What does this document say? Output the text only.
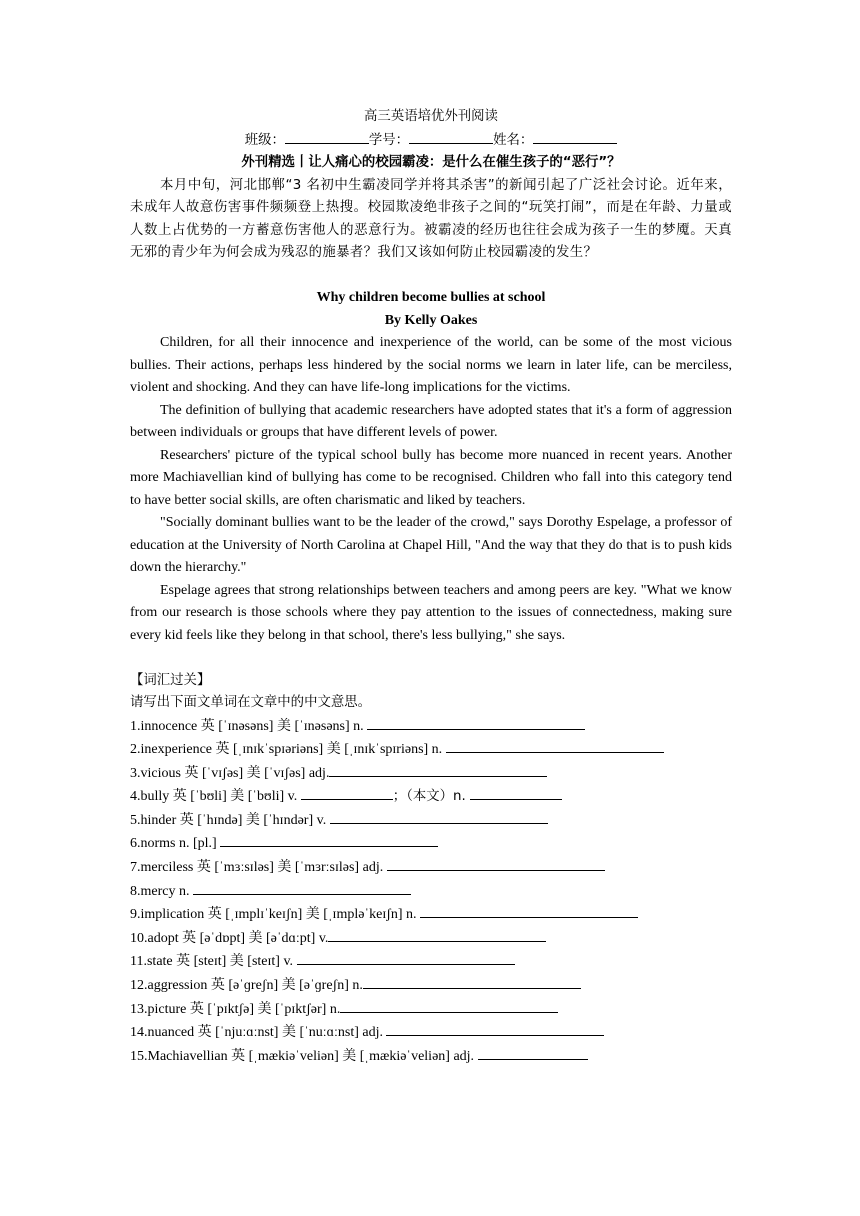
高三英语培优外刊阅读
班级：	学号：	姓名：
外刊精选丨让人痛心的校园霸凌：是什么在催生孩子的“恶行”？

本月中旬，河北邯郸“3 名初中生霸凌同学并将其杀害”的新闻引起了广泛社会讨论。近年来，未成年人故意伤害事件频频登上热搜。校园欺凌绝非孩子之间的“玩笑打闹”，而是在年龄、力量或人数上占优势的一方蓄意伤害他人的恶意行为。被霸凌的经历也往往会成为孩子一生的梦魇。天真无邪的青少年为何会成为残忍的施暴者？我们又该如何防止校园霸凌的发生？

Why children become bullies at school
By Kelly Oakes

Children, for all their innocence and inexperience of the world, can be some of the most vicious bullies. Their actions, perhaps less hindered by the social norms we learn in later life, can be merciless, violent and shocking. And they can have life-long implications for the victims.

The definition of bullying that academic researchers have adopted states that it's a form of aggression between individuals or groups that have different levels of power.

Researchers' picture of the typical school bully has become more nuanced in recent years. Another more Machiavellian kind of bullying has come to be recognised. Children who fall into this category tend to have better social skills, are often charismatic and liked by teachers.

"Socially dominant bullies want to be the leader of the crowd," says Dorothy Espelage, a professor of education at the University of North Carolina at Chapel Hill, "And the way that they do that is to push kids down the hierarchy."

Espelage agrees that strong relationships between teachers and among peers are key. "What we know from our research is those schools where they pay attention to the issues of connectedness, making sure every kid feels like they belong in that school, there's less bullying," she says.

【词汇过关】
请写出下面文单词在文章中的中文意思。
1.innocence 英 [ˈɪnəsəns] 美 [ˈɪnəsəns] n.
2.inexperience 英 [ˌɪnɪkˈspɪəriəns] 美 [ˌɪnɪkˈspɪriəns] n.
3.vicious 英 [ˈvɪʃəs] 美 [ˈvɪʃəs] adj.
4.bully 英 [ˈbʊli] 美 [ˈbʊli] v.	；（本文）n.
5.hinder 英 [ˈhɪndə] 美 [ˈhɪndər] v.
6.norms n. [pl.]
7.merciless 英 [ˈmɜːsɪləs] 美 [ˈmɜrːsɪləs] adj.
8.mercy n.
9.implication 英 [ˌɪmplɪˈkeɪʃn] 美 [ˌɪmpləˈkeɪʃn] n.
10.adopt 英 [əˈdɒpt] 美 [əˈdɑːpt] v.
11.state 英 [steɪt] 美 [steɪt] v.
12.aggression 英 [əˈɡreʃn] 美 [əˈɡreʃn] n.
13.picture 英 [ˈpɪktʃə] 美 [ˈpɪktʃər] n.
14.nuanced 英 [ˈnjuːɑːnst] 美 [ˈnuːɑːnst] adj.
15.Machiavellian 英 [ˌmækiəˈveliən] 美 [ˌmækiəˈveliən] adj.
